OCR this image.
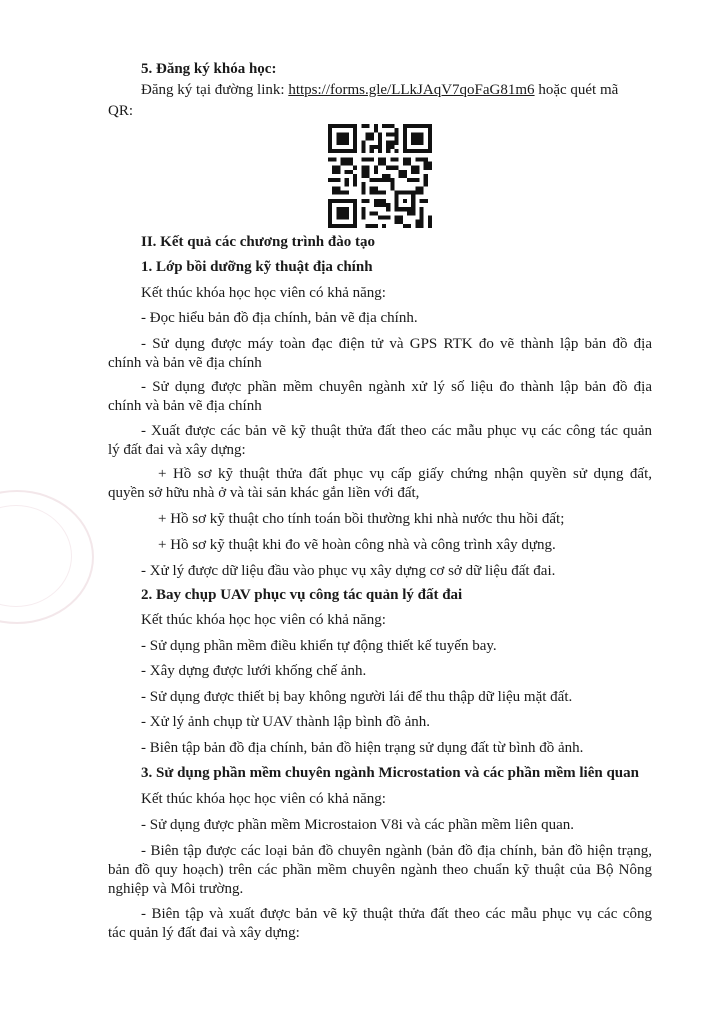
5. Đăng ký khóa học:
Đăng ký tại đường link: https://forms.gle/LLkJAqV7qoFaG81m6 hoặc quét mã
QR:
II. Kết quả các chương trình đào tạo
1. Lớp bồi dưỡng kỹ thuật địa chính
Kết thúc khóa học học viên có khả năng:
- Đọc hiểu bản đồ địa chính, bản vẽ địa chính.
- Sử dụng được máy toàn đạc điện tử và GPS RTK đo vẽ thành lập bản đồ địa
chính và bản vẽ địa chính
- Sử dụng được phần mềm chuyên ngành xử lý số liệu đo thành lập bản đồ địa
chính và bản vẽ địa chính
- Xuất được các bản vẽ kỹ thuật thửa đất theo các mẫu phục vụ các công tác quản
lý đất đai và xây dựng:
+ Hồ sơ kỹ thuật thửa đất phục vụ cấp giấy chứng nhận quyền sử dụng đất,
quyền sở hữu nhà ở và tài sản khác gắn liền với đất,
+ Hồ sơ kỹ thuật cho tính toán bồi thường khi nhà nước thu hồi đất;
+ Hồ sơ kỹ thuật khi đo vẽ hoàn công nhà và công trình xây dựng.
- Xử lý được dữ liệu đầu vào phục vụ xây dựng cơ sở dữ liệu đất đai.
2. Bay chụp UAV phục vụ công tác quản lý đất đai
Kết thúc khóa học học viên có khả năng:
- Sử dụng phần mềm điều khiển tự động thiết kế tuyến bay.
- Xây dựng được lưới khống chế ảnh.
- Sử dụng được thiết bị bay không người lái để thu thập dữ liệu mặt đất.
- Xử lý ảnh chụp từ UAV thành lập bình đồ ảnh.
- Biên tập bản đồ địa chính, bản đồ hiện trạng sử dụng đất từ bình đồ ảnh.
3. Sử dụng phần mềm chuyên ngành Microstation và các phần mềm liên quan
Kết thúc khóa học học viên có khả năng:
- Sử dụng được phần mềm Microstaion V8i và các phần mềm liên quan.
- Biên tập được các loại bản đồ chuyên ngành (bản đồ địa chính, bản đồ hiện trạng,
bản đồ quy hoạch) trên các phần mềm chuyên ngành theo chuẩn kỹ thuật của Bộ Nông
nghiệp và Môi trường.
- Biên tập và xuất được bản vẽ kỹ thuật thửa đất theo các mẫu phục vụ các công
tác quản lý đất đai và xây dựng:
